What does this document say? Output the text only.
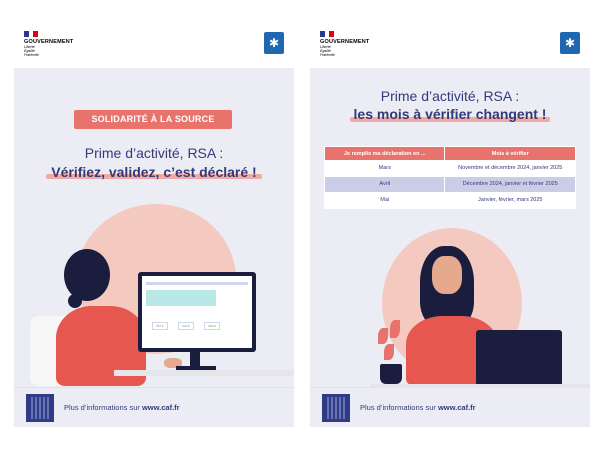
GOUVERNEMENT
Liberté
Égalité
Fraternité
✱
SOLIDARITÉ À LA SOURCE
Prime d’activité, RSA :
Vérifiez, validez, c’est déclaré !
557 €	344 €	900 €
Plus d’informations sur www.caf.fr
GOUVERNEMENT
Liberté
Égalité
Fraternité
✱
Prime d’activité, RSA :
les mois à vérifier changent !
Je remplis ma déclaration en ...	Mois à vérifier
Mars	Novembre et décembre 2024, janvier 2025
Avril	Décembre 2024, janvier et février 2025
Mai	Janvier, février, mars 2025
Plus d’informations sur www.caf.fr
